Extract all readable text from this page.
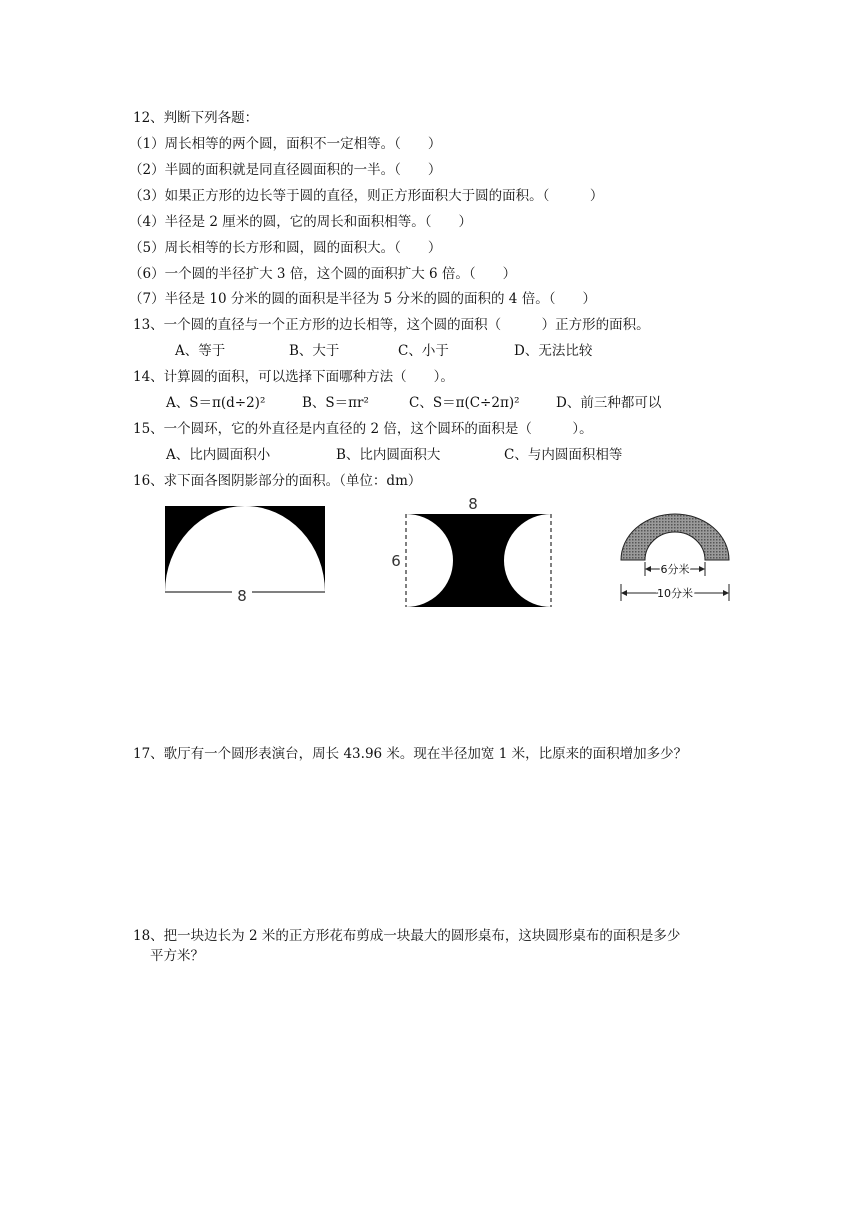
12、判断下列各题：
（1）周长相等的两个圆，面积不一定相等。（　　）
（2）半圆的面积就是同直径圆面积的一半。（　　）
（3）如果正方形的边长等于圆的直径，则正方形面积大于圆的面积。（　　　）
（4）半径是 2 厘米的圆，它的周长和面积相等。（　　）
（5）周长相等的长方形和圆，圆的面积大。（　　）
（6）一个圆的半径扩大 3 倍，这个圆的面积扩大 6 倍。（　　）
（7）半径是 10 分米的圆的面积是半径为 5 分米的圆的面积的 4 倍。（　　）
13、一个圆的直径与一个正方形的边长相等，这个圆的面积（　　　）正方形的面积。
A、等于	B、大于	C、小于	D、无法比较
14、计算圆的面积，可以选择下面哪种方法（　　）。
A、S＝π(d÷2)²	B、S＝πr²	C、S＝π(C÷2π)²	D、前三种都可以
15、一个圆环，它的外直径是内直径的 2 倍，这个圆环的面积是（　　　）。
A、比内圆面积小	B、比内圆面积大	C、与内圆面积相等
16、求下面各图阴影部分的面积。（单位：dm）
8
8
6	6分米
10分米
17、歌厅有一个圆形表演台，周长 43.96 米。现在半径加宽 1 米，比原来的面积增加多少？
18、把一块边长为 2 米的正方形花布剪成一块最大的圆形桌布，这块圆形桌布的面积是多少
平方米？
